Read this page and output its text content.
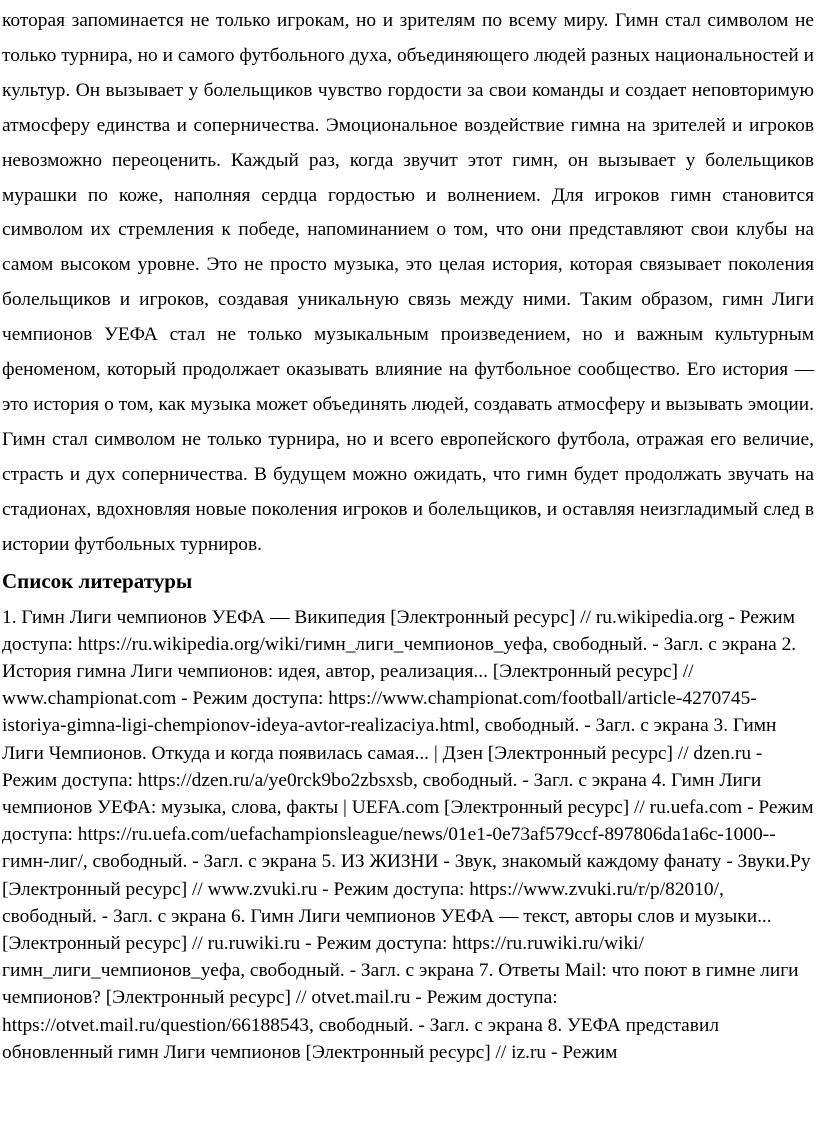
которая запоминается не только игрокам, но и зрителям по всему миру. Гимн стал символом не только турнира, но и самого футбольного духа, объединяющего людей разных национальностей и культур. Он вызывает у болельщиков чувство гордости за свои команды и создает неповторимую атмосферу единства и соперничества. Эмоциональное воздействие гимна на зрителей и игроков невозможно переоценить. Каждый раз, когда звучит этот гимн, он вызывает у болельщиков мурашки по коже, наполняя сердца гордостью и волнением. Для игроков гимн становится символом их стремления к победе, напоминанием о том, что они представляют свои клубы на самом высоком уровне. Это не просто музыка, это целая история, которая связывает поколения болельщиков и игроков, создавая уникальную связь между ними. Таким образом, гимн Лиги чемпионов УЕФА стал не только музыкальным произведением, но и важным культурным феноменом, который продолжает оказывать влияние на футбольное сообщество. Его история — это история о том, как музыка может объединять людей, создавать атмосферу и вызывать эмоции. Гимн стал символом не только турнира, но и всего европейского футбола, отражая его величие, страсть и дух соперничества. В будущем можно ожидать, что гимн будет продолжать звучать на стадионах, вдохновляя новые поколения игроков и болельщиков, и оставляя неизгладимый след в истории футбольных турниров.

Список литературы

1. Гимн Лиги чемпионов УЕФА — Википедия [Электронный ресурс] // ru.wikipedia.org - Режим доступа: https://ru.wikipedia.org/wiki/гимн_лиги_чемпионов_уефа, свободный. - Загл. с экрана 2. История гимна Лиги чемпионов: идея, автор, реализация... [Электронный ресурс] // www.championat.com - Режим доступа: https://www.championat.com/football/article-4270745-istoriya-gimna-ligi-chempionov-ideya-avtor-realizaciya.html, свободный. - Загл. с экрана 3. Гимн Лиги Чемпионов. Откуда и когда появилась самая... | Дзен [Электронный ресурс] // dzen.ru - Режим доступа: https://dzen.ru/a/ye0rck9bo2zbsxsb, свободный. - Загл. с экрана 4. Гимн Лиги чемпионов УЕФА: музыка, слова, факты | UEFA.com [Электронный ресурс] // ru.uefa.com - Режим доступа: https://ru.uefa.com/uefachampionsleague/news/01e1-0e73af579ccf-897806da1a6c-1000--гимн-лиг/, свободный. - Загл. с экрана 5. ИЗ ЖИЗНИ - Звук, знакомый каждому фанату - Звуки.Ру [Электронный ресурс] // www.zvuki.ru - Режим доступа: https://www.zvuki.ru/r/p/82010/, свободный. - Загл. с экрана 6. Гимн Лиги чемпионов УЕФА — текст, авторы слов и музыки... [Электронный ресурс] // ru.ruwiki.ru - Режим доступа: https://ru.ruwiki.ru/wiki/гимн_лиги_чемпионов_уефа, свободный. - Загл. с экрана 7. Ответы Mail: что поют в гимне лиги чемпионов? [Электронный ресурс] // otvet.mail.ru - Режим доступа: https://otvet.mail.ru/question/66188543, свободный. - Загл. с экрана 8. УЕФА представил обновленный гимн Лиги чемпионов [Электронный ресурс] // iz.ru - Режим
